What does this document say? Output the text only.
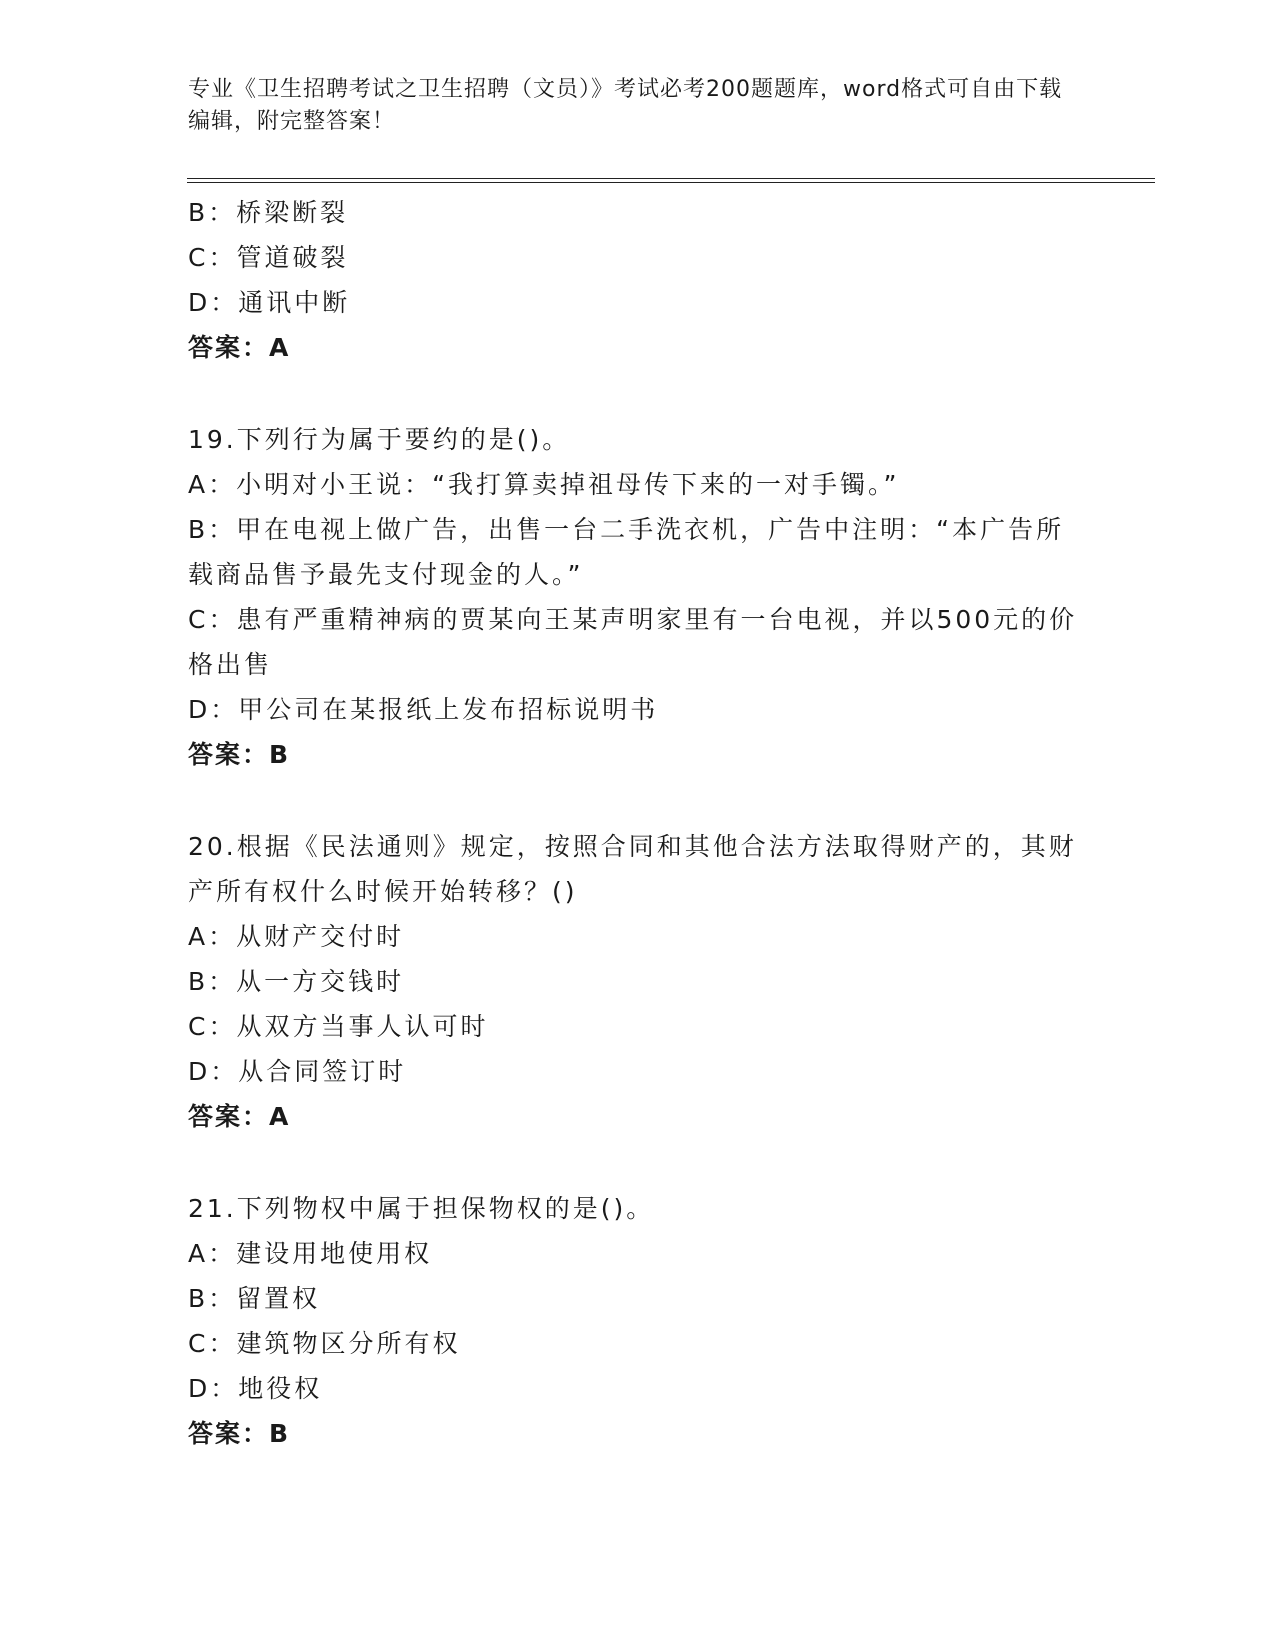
专业《卫生招聘考试之卫生招聘（文员）》考试必考200题题库，word格式可自由下载编辑，附完整答案！

B：桥梁断裂

C：管道破裂

D：通讯中断

答案：A

19.下列行为属于要约的是()。

A：小明对小王说：“我打算卖掉祖母传下来的一对手镯。”

B：甲在电视上做广告，出售一台二手洗衣机，广告中注明：“本广告所载商品售予最先支付现金的人。”

C：患有严重精神病的贾某向王某声明家里有一台电视，并以500元的价格出售

D：甲公司在某报纸上发布招标说明书

答案：B

20.根据《民法通则》规定，按照合同和其他合法方法取得财产的，其财产所有权什么时候开始转移？()

A：从财产交付时

B：从一方交钱时

C：从双方当事人认可时

D：从合同签订时

答案：A

21.下列物权中属于担保物权的是()。

A：建设用地使用权

B：留置权

C：建筑物区分所有权

D：地役权

答案：B
